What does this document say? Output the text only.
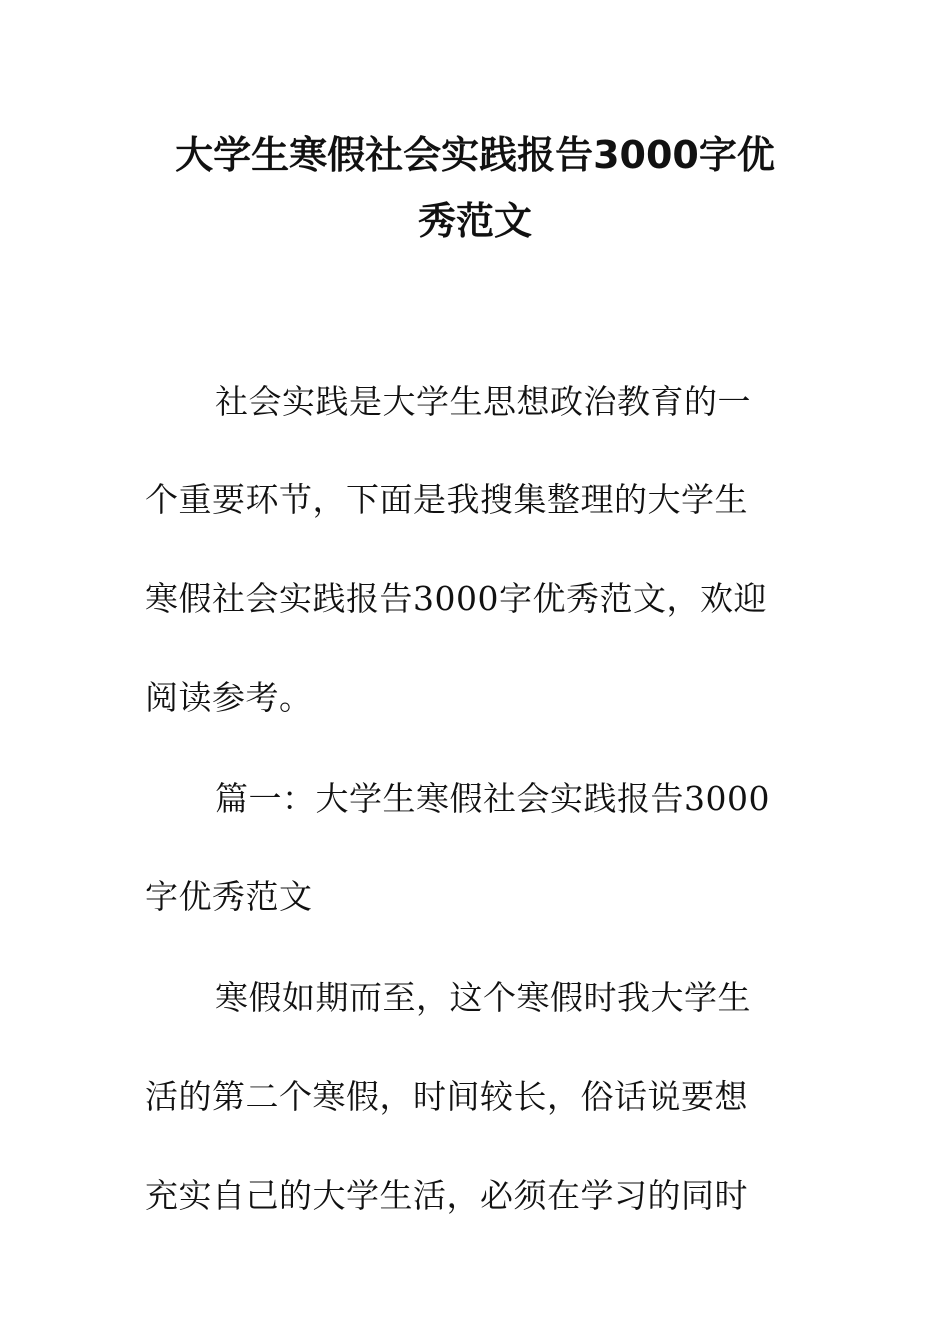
大学生寒假社会实践报告3000字优
秀范文

社会实践是大学生思想政治教育的一

个重要环节，下面是我搜集整理的大学生

寒假社会实践报告3000字优秀范文，欢迎

阅读参考。

篇一：大学生寒假社会实践报告3000

字优秀范文

寒假如期而至，这个寒假时我大学生

活的第二个寒假，时间较长，俗话说要想

充实自己的大学生活，必须在学习的同时
